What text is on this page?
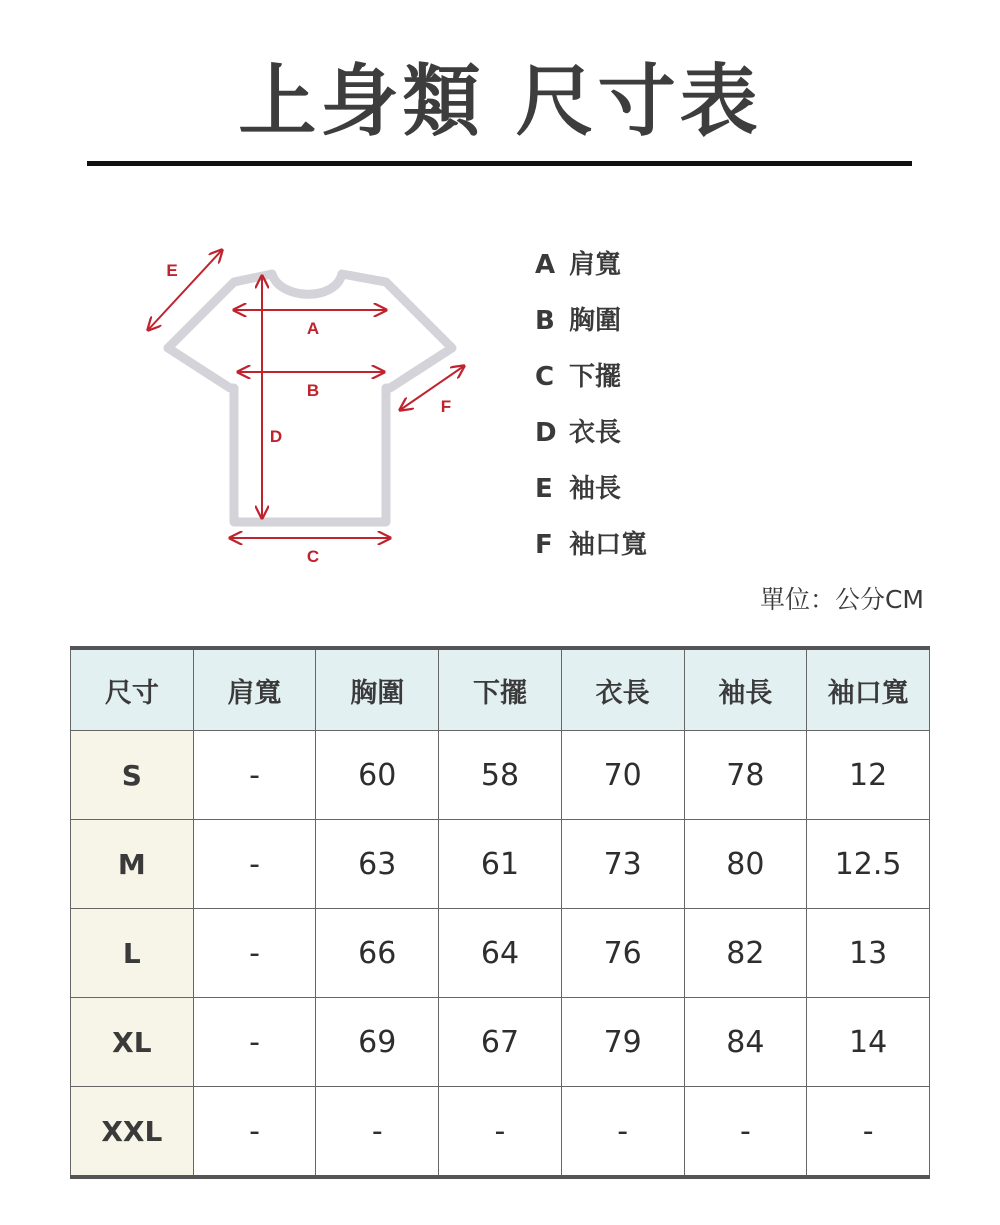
上身類 尺寸表
A
B
D
C
E
F
A 肩寬
B 胸圍
C 下擺
D 衣長
E 袖長
F 袖口寬
單位：公分CM
尺寸	肩寬	胸圍	下擺	衣長	袖長	袖口寬
S	-	60	58	70	78	12
M	-	63	61	73	80	12.5
L	-	66	64	76	82	13
XL	-	69	67	79	84	14
XXL	-	-	-	-	-	-
